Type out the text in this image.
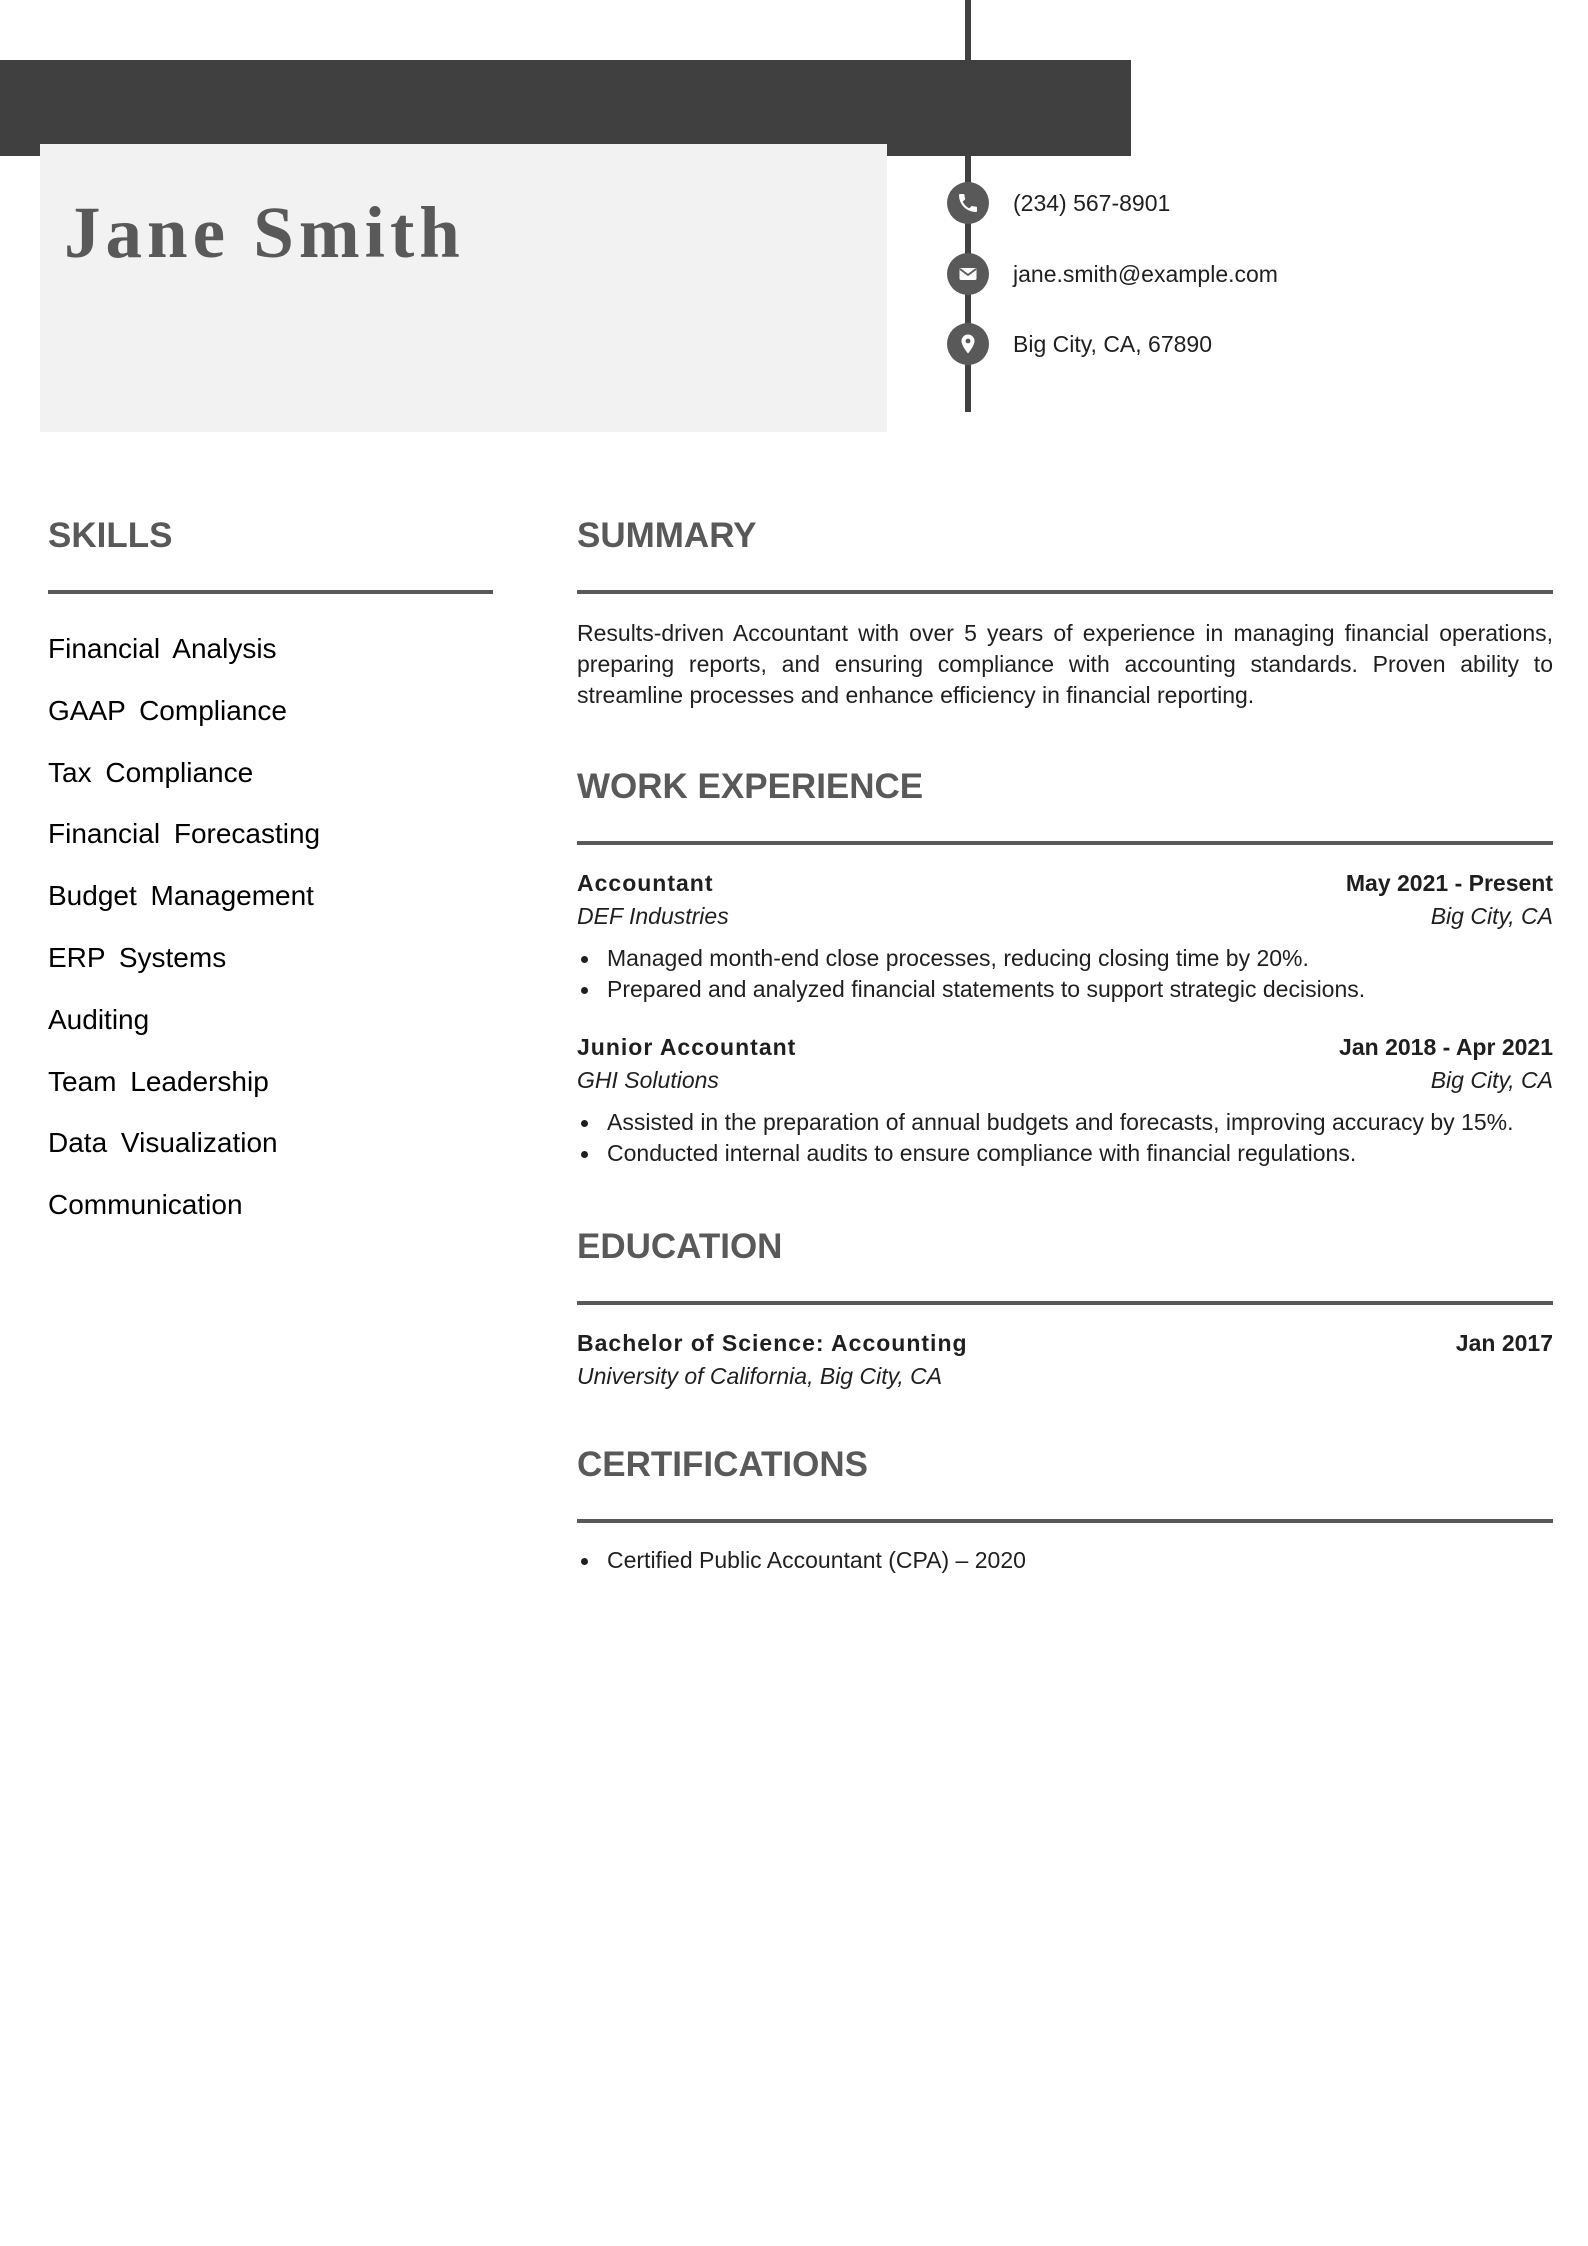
Jane Smith	(234) 567-8901
jane.smith@example.com
Big City, CA, 67890
SKILLS
Financial Analysis
GAAP Compliance
Tax Compliance
Financial Forecasting
Budget Management
ERP Systems
Auditing
Team Leadership
Data Visualization
Communication
SUMMARY

Results-driven Accountant with over 5 years of experience in managing financial operations, preparing reports, and ensuring compliance with accounting standards. Proven ability to streamline processes and enhance efficiency in financial reporting.

WORK EXPERIENCE
Accountant	May 2021 - Present
DEF Industries	Big City, CA
Managed month-end close processes, reducing closing time by 20%.
Prepared and analyzed financial statements to support strategic decisions.
Junior Accountant	Jan 2018 - Apr 2021
GHI Solutions	Big City, CA
Assisted in the preparation of annual budgets and forecasts, improving accuracy by 15%.
Conducted internal audits to ensure compliance with financial regulations.
EDUCATION
Bachelor of Science: Accounting	Jan 2017
University of California, Big City, CA
CERTIFICATIONS
Certified Public Accountant (CPA) – 2020
